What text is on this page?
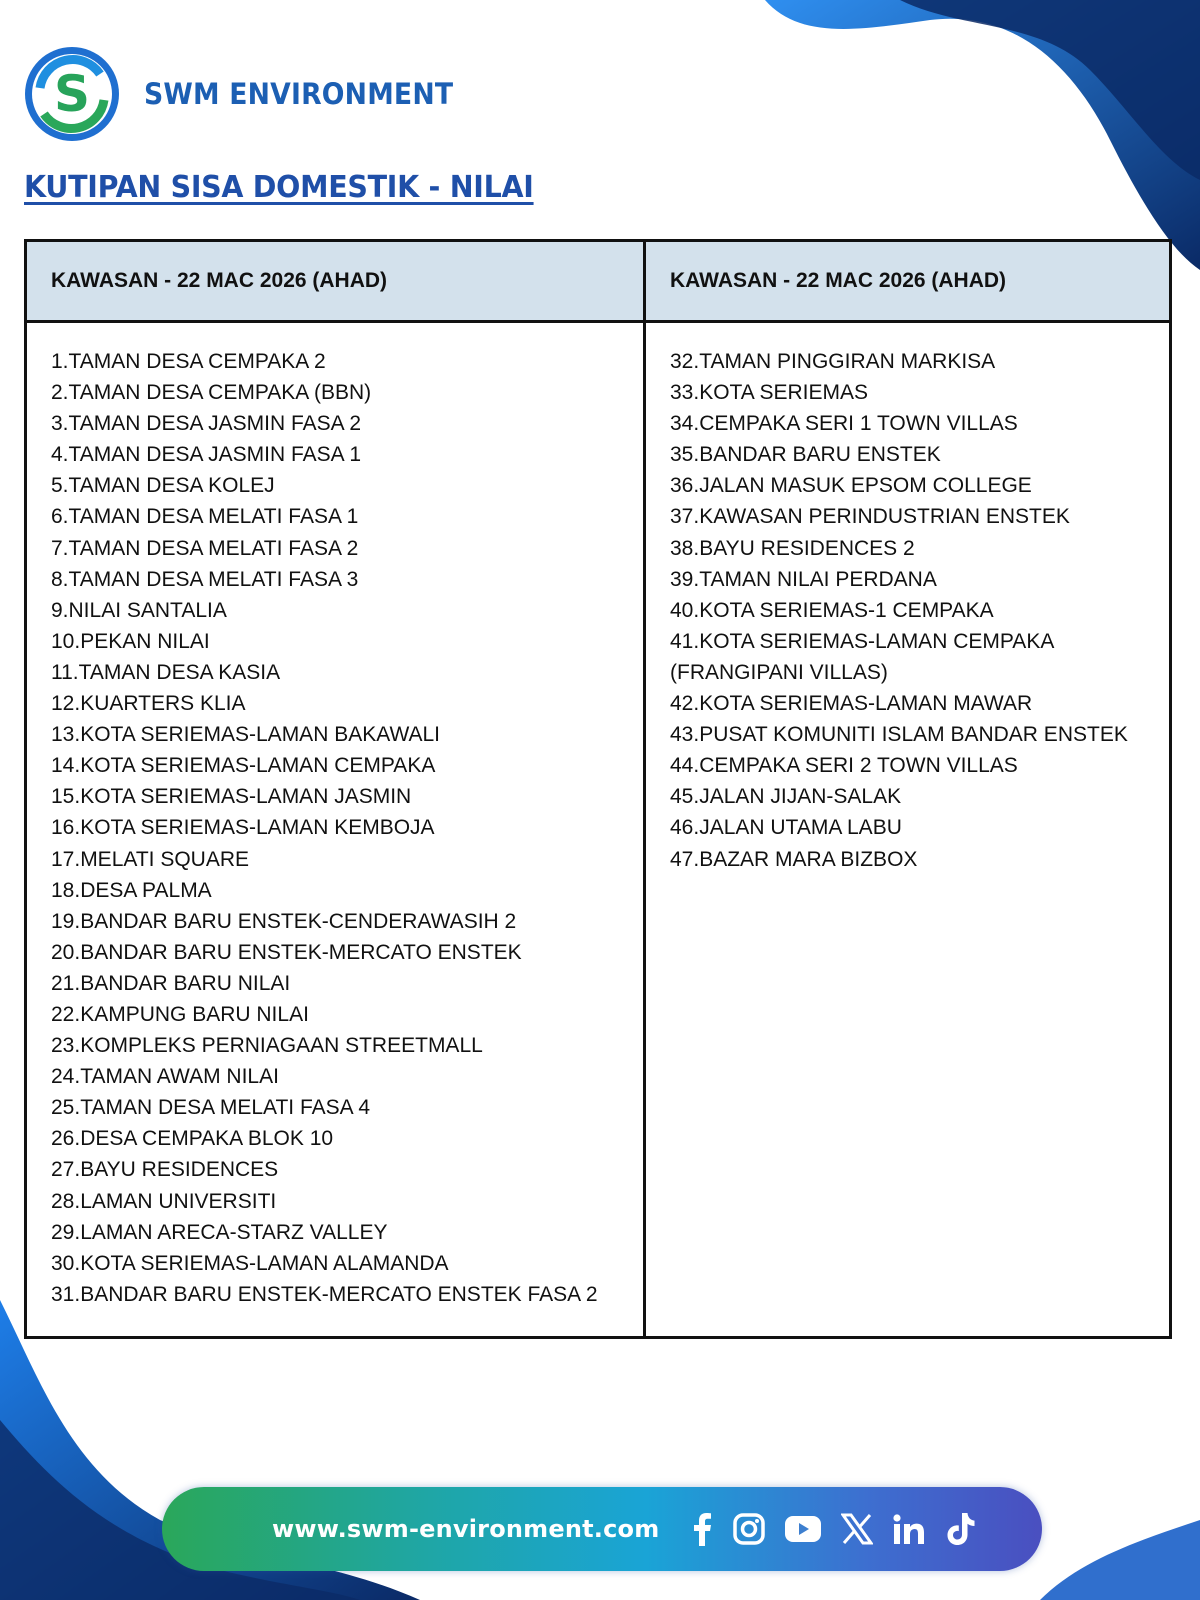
S SWM ENVIRONMENT
KUTIPAN SISA DOMESTIK - NILAI
KAWASAN - 22 MAC 2026 (AHAD)
1.TAMAN DESA CEMPAKA 2
2.TAMAN DESA CEMPAKA (BBN)
3.TAMAN DESA JASMIN FASA 2
4.TAMAN DESA JASMIN FASA 1
5.TAMAN DESA KOLEJ
6.TAMAN DESA MELATI FASA 1
7.TAMAN DESA MELATI FASA 2
8.TAMAN DESA MELATI FASA 3
9.NILAI SANTALIA
10.PEKAN NILAI
11.TAMAN DESA KASIA
12.KUARTERS KLIA
13.KOTA SERIEMAS-LAMAN BAKAWALI
14.KOTA SERIEMAS-LAMAN CEMPAKA
15.KOTA SERIEMAS-LAMAN JASMIN
16.KOTA SERIEMAS-LAMAN KEMBOJA
17.MELATI SQUARE
18.DESA PALMA
19.BANDAR BARU ENSTEK-CENDERAWASIH 2
20.BANDAR BARU ENSTEK-MERCATO ENSTEK
21.BANDAR BARU NILAI
22.KAMPUNG BARU NILAI
23.KOMPLEKS PERNIAGAAN STREETMALL
24.TAMAN AWAM NILAI
25.TAMAN DESA MELATI FASA 4
26.DESA CEMPAKA BLOK 10
27.BAYU RESIDENCES
28.LAMAN UNIVERSITI
29.LAMAN ARECA-STARZ VALLEY
30.KOTA SERIEMAS-LAMAN ALAMANDA
31.BANDAR BARU ENSTEK-MERCATO ENSTEK FASA 2
KAWASAN - 22 MAC 2026 (AHAD)
32.TAMAN PINGGIRAN MARKISA
33.KOTA SERIEMAS
34.CEMPAKA SERI 1 TOWN VILLAS
35.BANDAR BARU ENSTEK
36.JALAN MASUK EPSOM COLLEGE
37.KAWASAN PERINDUSTRIAN ENSTEK
38.BAYU RESIDENCES 2
39.TAMAN NILAI PERDANA
40.KOTA SERIEMAS-1 CEMPAKA
41.KOTA SERIEMAS-LAMAN CEMPAKA (FRANGIPANI VILLAS)
42.KOTA SERIEMAS-LAMAN MAWAR
43.PUSAT KOMUNITI ISLAM BANDAR ENSTEK
44.CEMPAKA SERI 2 TOWN VILLAS
45.JALAN JIJAN-SALAK
46.JALAN UTAMA LABU
47.BAZAR MARA BIZBOX
www.swm-environment.com
